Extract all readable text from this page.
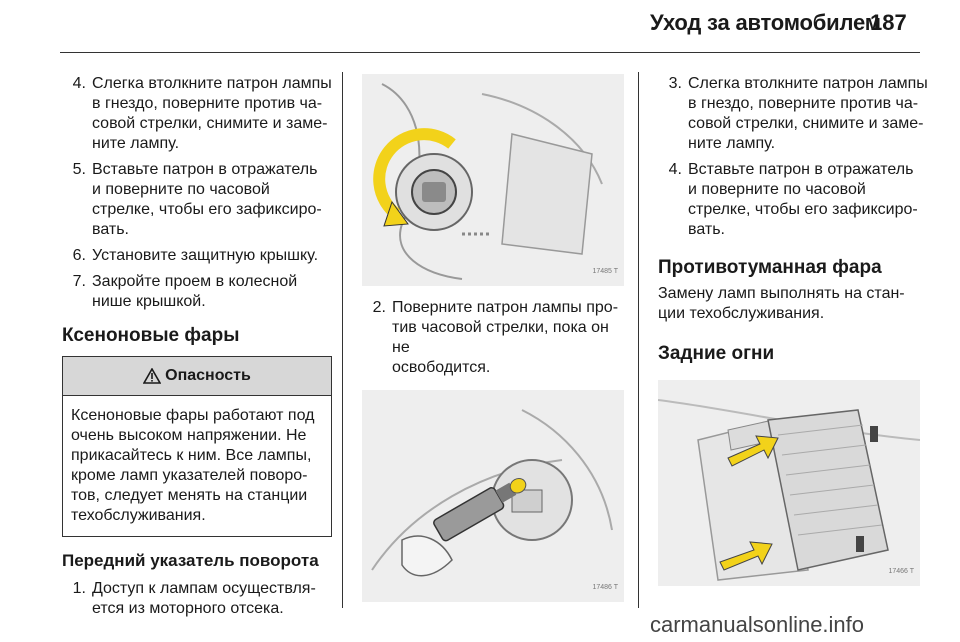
Уход за автомобилем
187
4. Слегка втолкните патрон лампы
в гнездо, поверните против ча-
совой стрелки, снимите и заме-
ните лампу.
5. Вставьте патрон в отражатель
и поверните по часовой
стрелке, чтобы его зафиксиро-
вать.
6. Установите защитную крышку.
7. Закройте проем в колесной
нише крышкой.
Ксеноновые фары
Опасность
Ксеноновые фары работают под
очень высоком напряжении. Не
прикасайтесь к ним. Все лампы,
кроме ламп указателей поворо-
тов, следует менять на станции
техобслуживания.
Передний указатель поворота
1. Доступ к лампам осуществля-
ется из моторного отсека.
17485 T
2. Поверните патрон лампы про-
тив часовой стрелки, пока он не
освободится.
17486 T
3. Слегка втолкните патрон лампы
в гнездо, поверните против ча-
совой стрелки, снимите и заме-
ните лампу.
4. Вставьте патрон в отражатель
и поверните по часовой
стрелке, чтобы его зафиксиро-
вать.
Противотуманная фара
Замену ламп выполнять на стан-
ции техобслуживания.
Задние огни
17466 T
carmanualsonline.info
